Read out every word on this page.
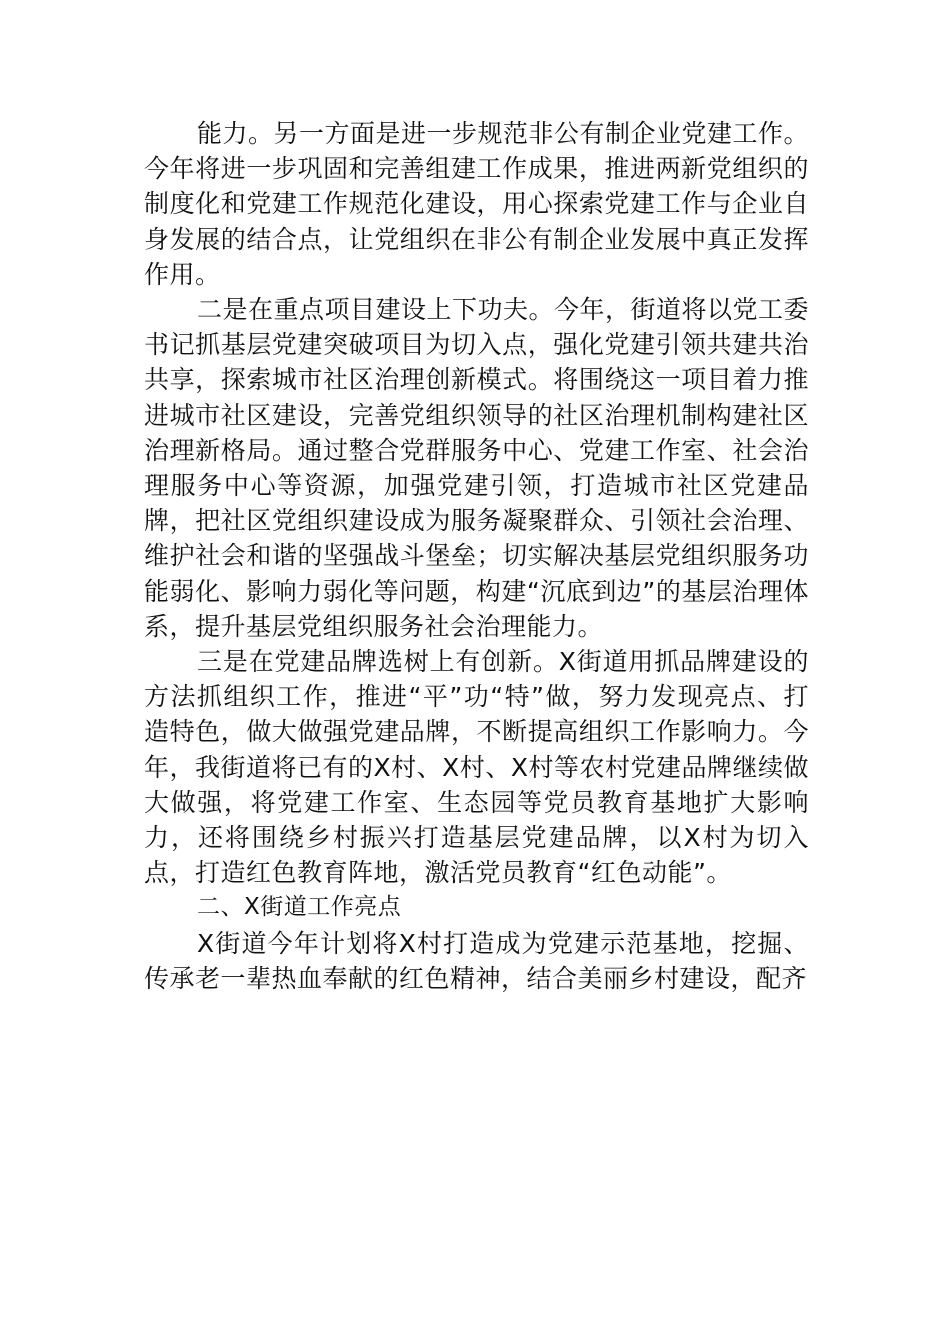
能力。另一方面是进一步规范非公有制企业党建工作。今年将进一步巩固和完善组建工作成果，推进两新党组织的制度化和党建工作规范化建设，用心探索党建工作与企业自身发展的结合点，让党组织在非公有制企业发展中真正发挥作用。

二是在重点项目建设上下功夫。今年，街道将以党工委书记抓基层党建突破项目为切入点，强化党建引领共建共治共享，探索城市社区治理创新模式。将围绕这一项目着力推进城市社区建设，完善党组织领导的社区治理机制构建社区治理新格局。通过整合党群服务中心、党建工作室、社会治理服务中心等资源，加强党建引领，打造城市社区党建品牌，把社区党组织建设成为服务凝聚群众、引领社会治理、维护社会和谐的坚强战斗堡垒；切实解决基层党组织服务功能弱化、影响力弱化等问题，构建“沉底到边”的基层治理体系，提升基层党组织服务社会治理能力。

三是在党建品牌选树上有创新。X街道用抓品牌建设的方法抓组织工作，推进“平”功“特”做，努力发现亮点、打造特色，做大做强党建品牌，不断提高组织工作影响力。今年，我街道将已有的X村、X村、X村等农村党建品牌继续做大做强，将党建工作室、生态园等党员教育基地扩大影响力，还将围绕乡村振兴打造基层党建品牌，以X村为切入点，打造红色教育阵地，激活党员教育“红色动能”。

二、X街道工作亮点

X街道今年计划将X村打造成为党建示范基地，挖掘、传承老一辈热血奉献的红色精神，结合美丽乡村建设，配齐
